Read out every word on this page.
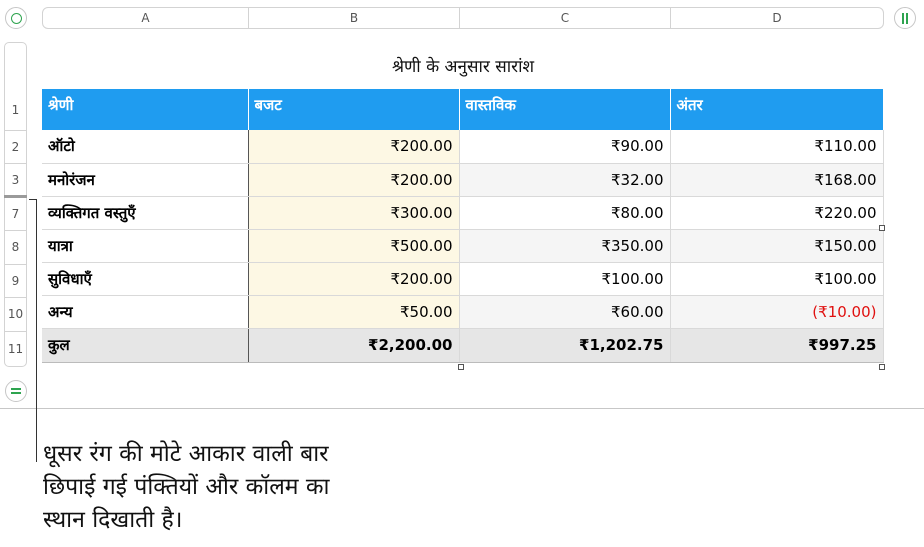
A	B	C	D
1
2
3
7
8
9
10
11
श्रेणी के अनुसार सारांश
श्रेणी	बजट	वास्तविक	अंतर
ऑटो	₹200.00	₹90.00	₹110.00
मनोरंजन	₹200.00	₹32.00	₹168.00
व्यक्तिगत वस्तुएँ	₹300.00	₹80.00	₹220.00
यात्रा	₹500.00	₹350.00	₹150.00
सुविधाएँ	₹200.00	₹100.00	₹100.00
अन्य	₹50.00	₹60.00	(₹10.00)
कुल	₹2,200.00	₹1,202.75	₹997.25
धूसर रंग की मोटे आकार वाली बार छिपाई गई पंक्तियों और कॉलम का स्थान दिखाती है।
